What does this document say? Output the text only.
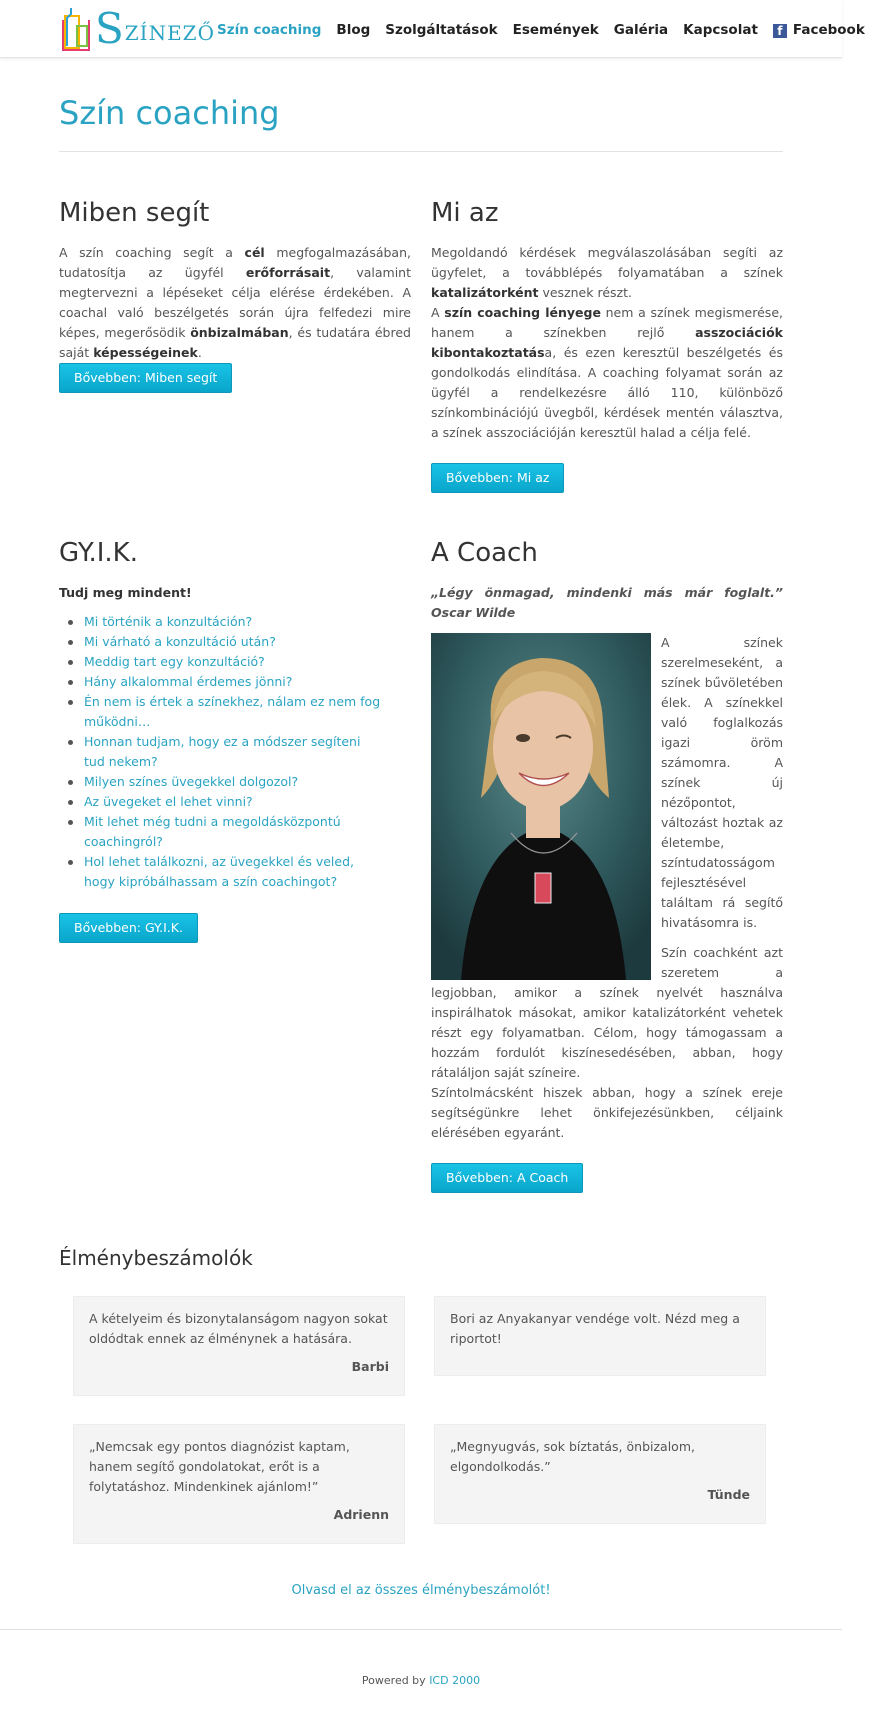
SZÍNEZŐ Szín coaching Blog Szolgáltatások Események Galéria Kapcsolat	f Facebook
Szín coaching
Miben segít

A szín coaching segít a cél megfogalmazásában, tudatosítja az ügyfél erőforrásait, valamint megtervezni a lépéseket célja elérése érdekében. A coachal való beszélgetés során újra felfedezi mire képes, megerősödik önbizalmában, és tudatára ébred saját képességeinek.

Bővebben: Miben segít
Mi az

Megoldandó kérdések megválaszolásában segíti az ügyfelet, a továbblépés folyamatában a színek katalizátorként vesznek részt.
A szín coaching lényege nem a színek megismerése, hanem a színekben rejlő asszociációk kibontakoztatása, és ezen keresztül beszélgetés és gondolkodás elindítása. A coaching folyamat során az ügyfél a rendelkezésre álló 110, különböző színkombinációjú üvegből, kérdések mentén választva, a színek asszociációján keresztül halad a célja felé.

Bővebben: Mi az
GY.I.K.
Tudj meg mindent!
Mi történik a konzultáción?
Mi várható a konzultáció után?
Meddig tart egy konzultáció?
Hány alkalommal érdemes jönni?
Én nem is értek a színekhez, nálam ez nem fog működni…
Honnan tudjam, hogy ez a módszer segíteni tud nekem?
Milyen színes üvegekkel dolgozol?
Az üvegeket el lehet vinni?
Mit lehet még tudni a megoldásközpontú coachingról?
Hol lehet találkozni, az üvegekkel és veled, hogy kipróbálhassam a szín coachingot?
Bővebben: GY.I.K.
A Coach
„Légy önmagad, mindenki más már foglalt.” Oscar Wilde

A színek szerelmeseként, a színek bűvöletében élek. A színekkel való foglalkozás igazi öröm számomra. A színek új nézőpontot, változást hoztak az életembe, színtudatosságom fejlesztésével találtam rá segítő hivatásomra is.

Szín coachként azt szeretem a legjobban, amikor a színek nyelvét használva inspirálhatok másokat, amikor katalizátorként vehetek részt egy folyamatban. Célom, hogy támogassam a hozzám fordulót kiszínesedésében, abban, hogy rátaláljon saját színeire.

Színtolmácsként hiszek abban, hogy a színek ereje segítségünkre lehet önkifejezésünkben, céljaink elérésében egyaránt.

Bővebben: A Coach
Élménybeszámolók
A kételyeim és bizonytalanságom nagyon sokat oldódtak ennek az élménynek a hatására.
Barbi
Bori az Anyakanyar vendége volt. Nézd meg a riportot!
„Nemcsak egy pontos diagnózist kaptam, hanem segítő gondolatokat, erőt is a folytatáshoz. Mindenkinek ajánlom!”
Adrienn
„Megnyugvás, sok bíztatás, önbizalom, elgondolkodás.”
Tünde
Olvasd el az összes élménybeszámolót!
Powered by ICD 2000
